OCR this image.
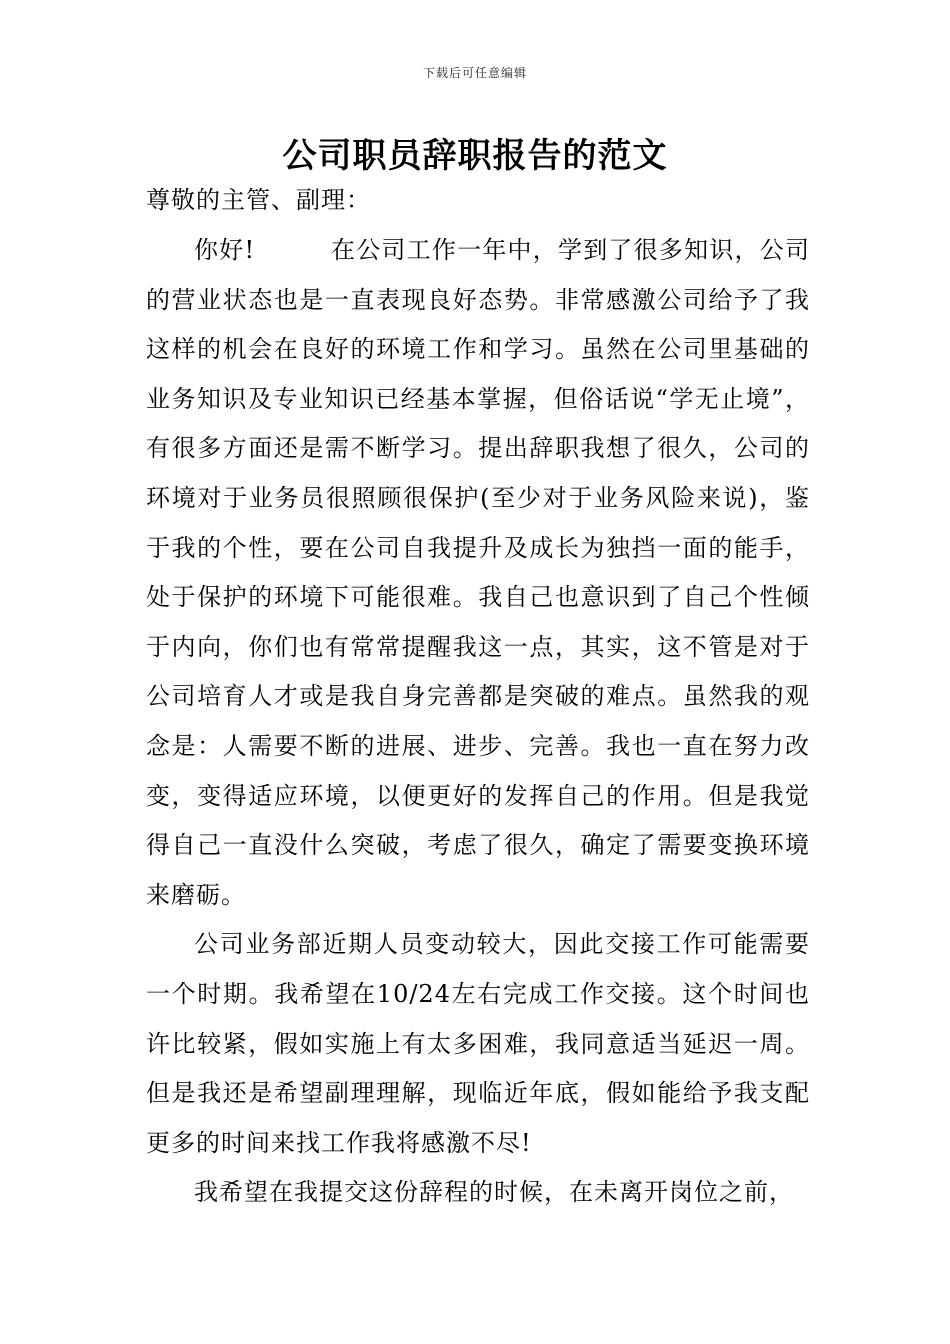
下载后可任意编辑
公司职员辞职报告的范文
尊敬的主管、副理：

你好!　　　在公司工作一年中，学到了很多知识，公司的营业状态也是一直表现良好态势。非常感激公司给予了我这样的机会在良好的环境工作和学习。虽然在公司里基础的业务知识及专业知识已经基本掌握，但俗话说“学无止境”，有很多方面还是需不断学习。提出辞职我想了很久，公司的环境对于业务员很照顾很保护(至少对于业务风险来说)，鉴于我的个性，要在公司自我提升及成长为独挡一面的能手，处于保护的环境下可能很难。我自己也意识到了自己个性倾于内向，你们也有常常提醒我这一点，其实，这不管是对于公司培育人才或是我自身完善都是突破的难点。虽然我的观念是：人需要不断的进展、进步、完善。我也一直在努力改变，变得适应环境，以便更好的发挥自己的作用。但是我觉得自己一直没什么突破，考虑了很久，确定了需要变换环境来磨砺。

公司业务部近期人员变动较大，因此交接工作可能需要一个时期。我希望在10/24左右完成工作交接。这个时间也许比较紧，假如实施上有太多困难，我同意适当延迟一周。但是我还是希望副理理解，现临近年底，假如能给予我支配更多的时间来找工作我将感激不尽!

我希望在我提交这份辞程的时候，在未离开岗位之前，
